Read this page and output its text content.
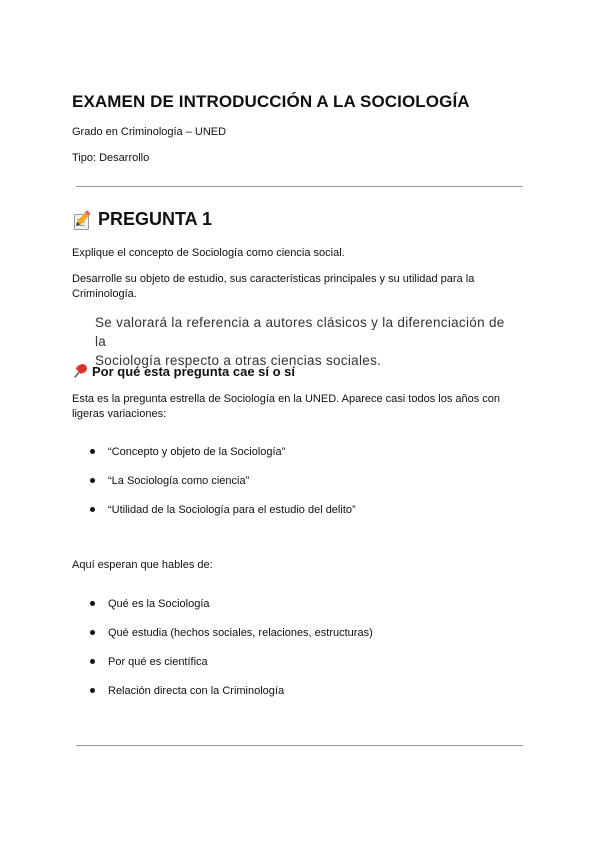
EXAMEN DE INTRODUCCIÓN A LA SOCIOLOGÍA

Grado en Criminología – UNED

Tipo: Desarrollo

PREGUNTA 1

Explique el concepto de Sociología como ciencia social.

Desarrolle su objeto de estudio, sus características principales y su utilidad para la

Criminología.

Se valorará la referencia a autores clásicos y la diferenciación de la
Sociología respecto a otras ciencias sociales.
Por qué esta pregunta cae sí o sí

Esta es la pregunta estrella de Sociología en la UNED. Aparece casi todos los años con

ligeras variaciones:

“Concepto y objeto de la Sociología”
“La Sociología como ciencia”
“Utilidad de la Sociología para el estudio del delito”

Aquí esperan que hables de:

Qué es la Sociología
Qué estudia (hechos sociales, relaciones, estructuras)
Por qué es científica
Relación directa con la Criminología
